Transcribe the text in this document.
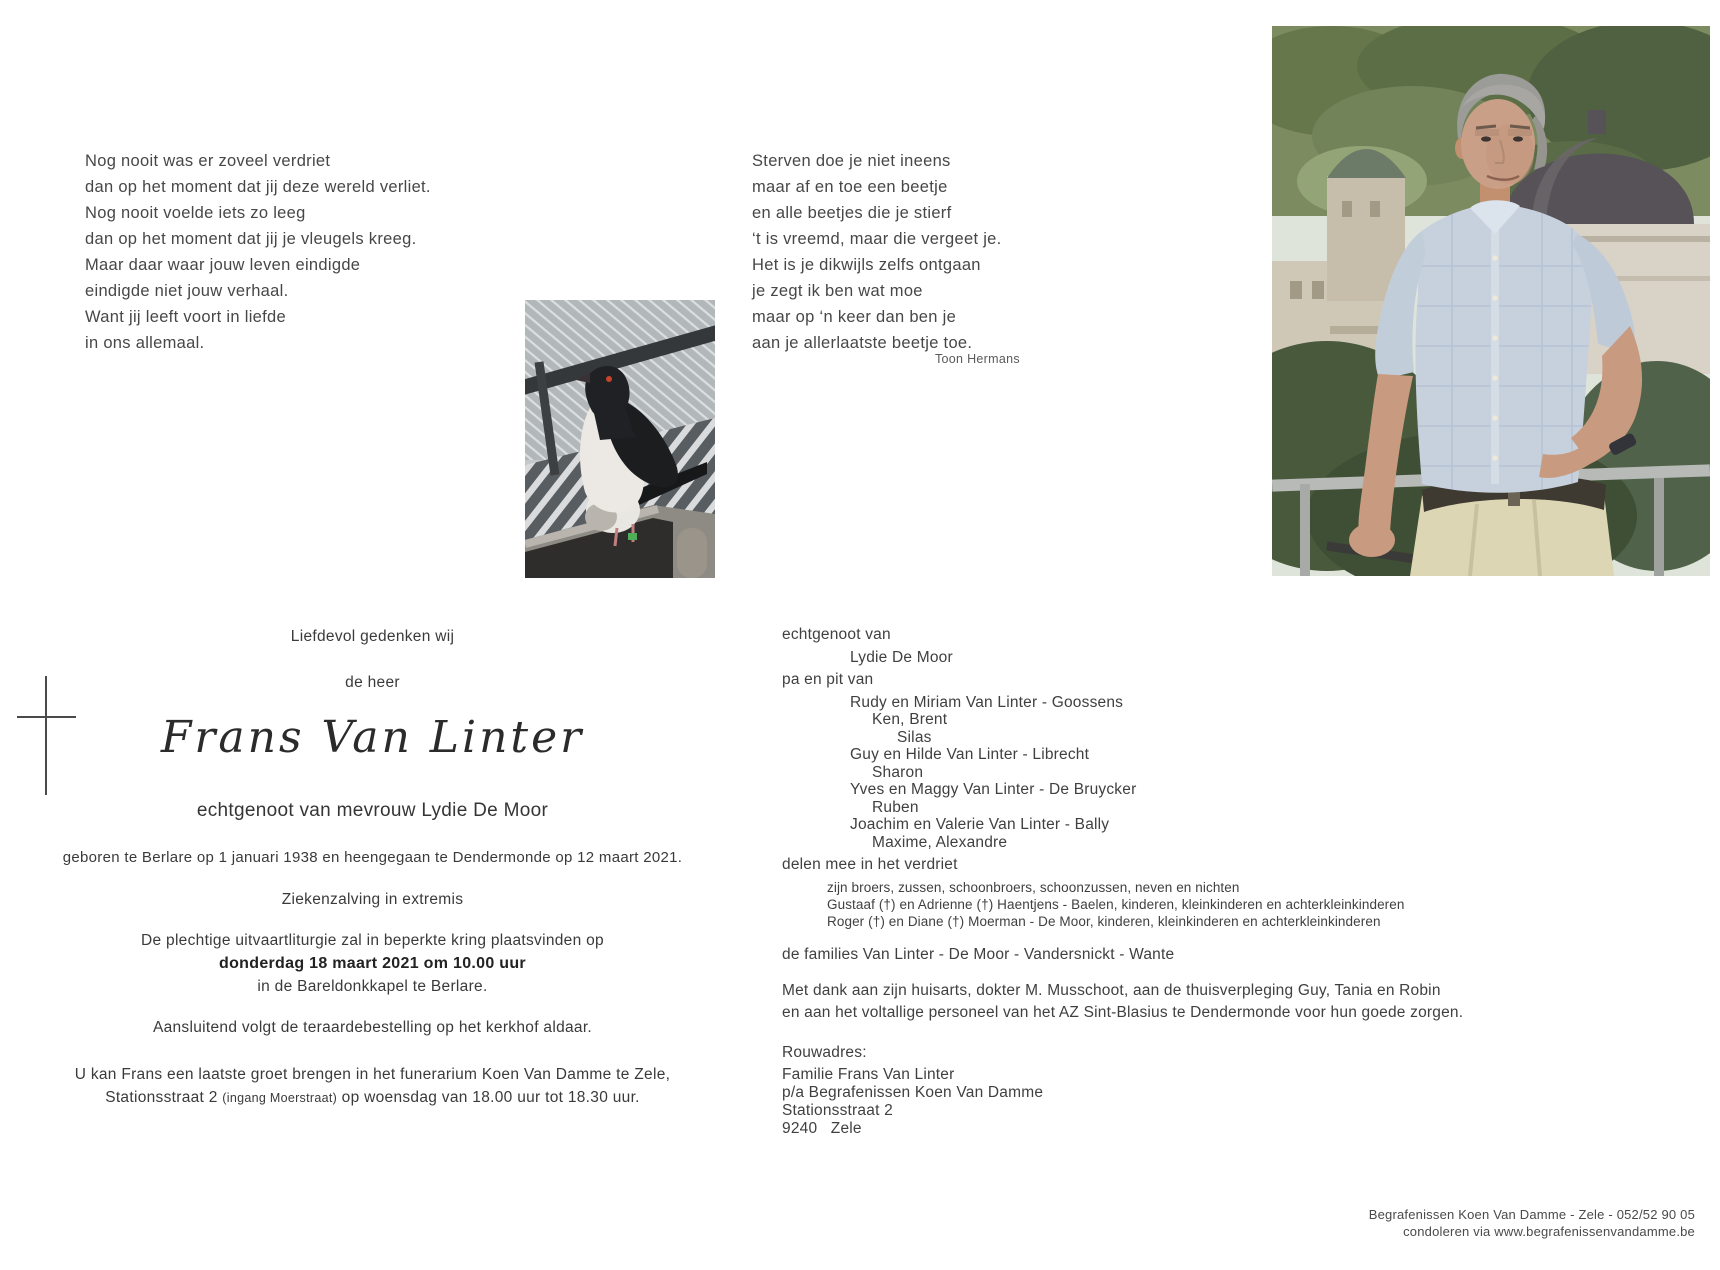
Nog nooit was er zoveel verdriet
dan op het moment dat jij deze wereld verliet.
Nog nooit voelde iets zo leeg
dan op het moment dat jij je vleugels kreeg.
Maar daar waar jouw leven eindigde
eindigde niet jouw verhaal.
Want jij leeft voort in liefde
in ons allemaal.
Sterven doe je niet ineens
maar af en toe een beetje
en alle beetjes die je stierf
‘t is vreemd, maar die vergeet je.
Het is je dikwijls zelfs ontgaan
je zegt ik ben wat moe
maar op ‘n keer dan ben je
aan je allerlaatste beetje toe.
Toon Hermans
Liefdevol gedenken wij
de heer
Frans Van Linter
echtgenoot van mevrouw Lydie De Moor
geboren te Berlare op 1 januari 1938 en heengegaan te Dendermonde op 12 maart 2021.
Ziekenzalving in extremis
De plechtige uitvaartliturgie zal in beperkte kring plaatsvinden op
donderdag 18 maart 2021 om 10.00 uur
in de Bareldonkkapel te Berlare.
Aansluitend volgt de teraardebestelling op het kerkhof aldaar.
U kan Frans een laatste groet brengen in het funerarium Koen Van Damme te Zele,
Stationsstraat 2 (ingang Moerstraat) op woensdag van 18.00 uur tot 18.30 uur.
echtgenoot van
Lydie De Moor
pa en pit van
Rudy en Miriam Van Linter - Goossens
Ken, Brent
Silas
Guy en Hilde Van Linter - Librecht
Sharon
Yves en Maggy Van Linter - De Bruycker
Ruben
Joachim en Valerie Van Linter - Bally
Maxime, Alexandre
delen mee in het verdriet
zijn broers, zussen, schoonbroers, schoonzussen, neven en nichten
Gustaaf (†) en Adrienne (†) Haentjens - Baelen, kinderen, kleinkinderen en achterkleinkinderen
Roger (†) en Diane (†) Moerman - De Moor, kinderen, kleinkinderen en achterkleinkinderen
de families Van Linter - De Moor - Vandersnickt - Wante
Met dank aan zijn huisarts, dokter M. Musschoot, aan de thuisverpleging Guy, Tania en Robin
en aan het voltallige personeel van het AZ Sint-Blasius te Dendermonde voor hun goede zorgen.
Rouwadres:
Familie Frans Van Linter
p/a Begrafenissen Koen Van Damme
Stationsstraat 2
9240   Zele
Begrafenissen Koen Van Damme - Zele - 052/52 90 05
condoleren via www.begrafenissenvandamme.be
